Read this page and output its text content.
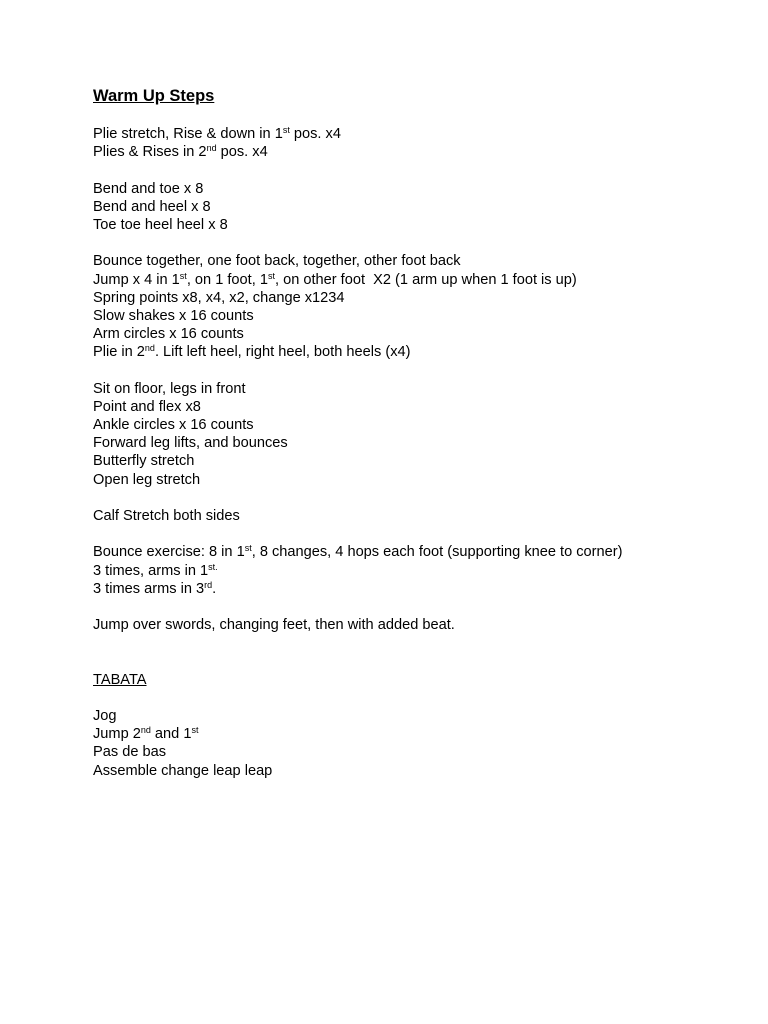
Warm Up Steps
Plie stretch, Rise & down in 1st pos. x4
Plies & Rises in 2nd pos. x4
Bend and toe x 8
Bend and heel x 8
Toe toe heel heel x 8
Bounce together, one foot back, together, other foot back
Jump x 4 in 1st, on 1 foot, 1st, on other foot  X2 (1 arm up when 1 foot is up)
Spring points x8, x4, x2, change x1234
Slow shakes x 16 counts
Arm circles x 16 counts
Plie in 2nd. Lift left heel, right heel, both heels (x4)
Sit on floor, legs in front
Point and flex x8
Ankle circles x 16 counts
Forward leg lifts, and bounces
Butterfly stretch
Open leg stretch
Calf Stretch both sides
Bounce exercise: 8 in 1st, 8 changes, 4 hops each foot (supporting knee to corner)
3 times, arms in $1^{st.}$
3 times arms in 3rd.
Jump over swords, changing feet, then with added beat.
TABATA
Jog
Jump 2nd and 1st
Pas de bas
Assemble change leap leap
